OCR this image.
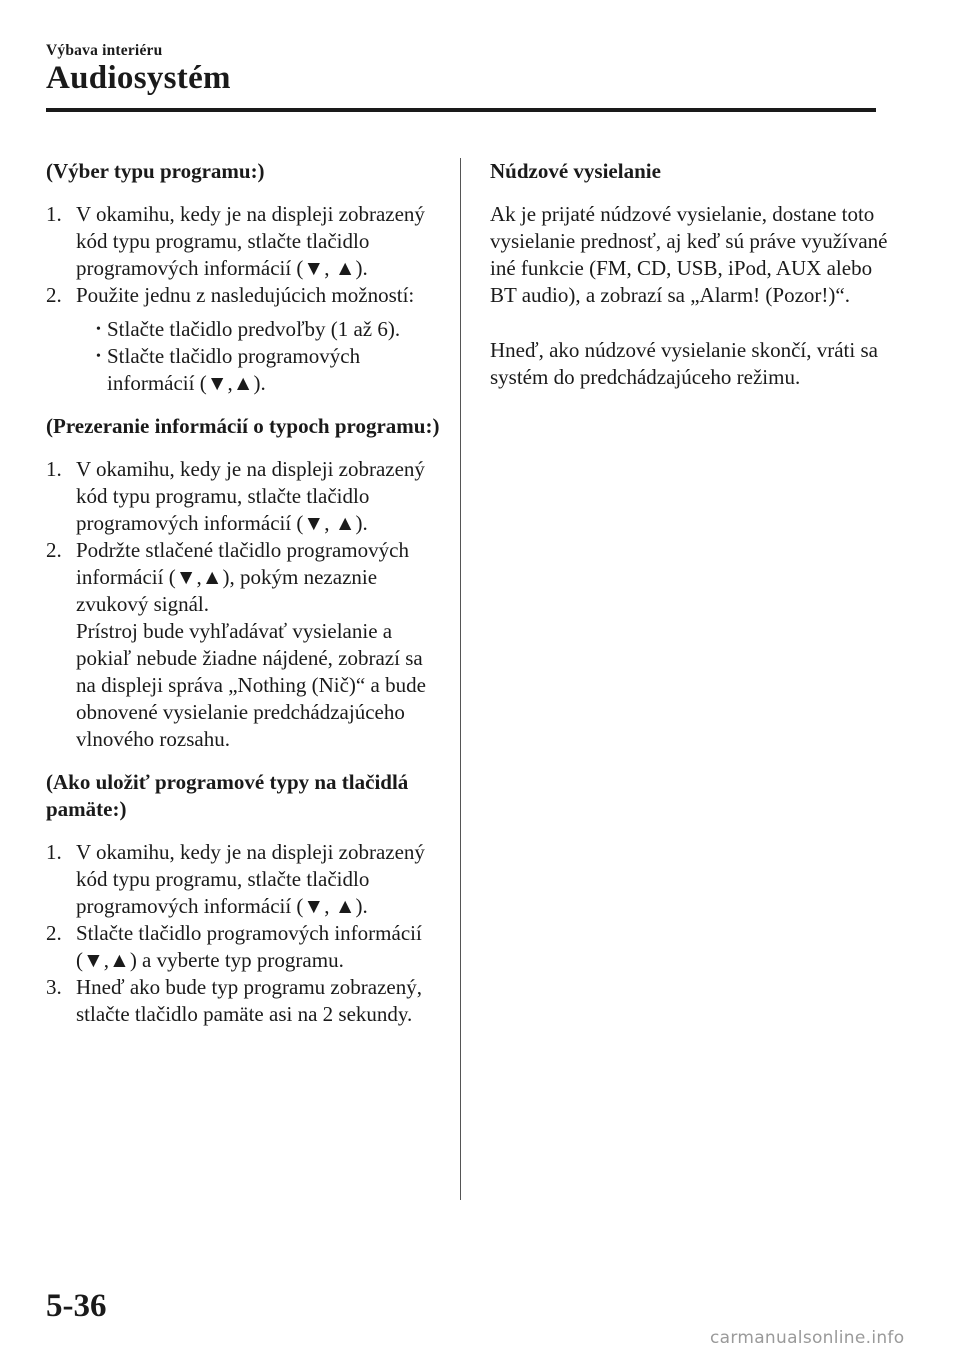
Výbava interiéru
Audiosystém
(Výber typu programu:)
1. V okamihu, kedy je na displeji zobrazený kód typu programu, stlačte tlačidlo programových informácií (▼, ▲).
2. Použite jednu z nasledujúcich možností:
• Stlačte tlačidlo predvoľby (1 až 6).
• Stlačte tlačidlo programových informácií (▼,▲).
(Prezeranie informácií o typoch programu:)
1. V okamihu, kedy je na displeji zobrazený kód typu programu, stlačte tlačidlo programových informácií (▼, ▲).
2. Podržte stlačené tlačidlo programových informácií (▼,▲), pokým nezaznie zvukový signál.
Prístroj bude vyhľadávať vysielanie a pokiaľ nebude žiadne nájdené, zobrazí sa na displeji správa „Nothing (Nič)“ a bude obnovené vysielanie predchádzajúceho vlnového rozsahu.
(Ako uložiť programové typy na tlačidlá pamäte:)
1. V okamihu, kedy je na displeji zobrazený kód typu programu, stlačte tlačidlo programových informácií (▼, ▲).
2. Stlačte tlačidlo programových informácií (▼,▲) a vyberte typ programu.
3. Hneď ako bude typ programu zobrazený, stlačte tlačidlo pamäte asi na 2 sekundy.
Núdzové vysielanie

Ak je prijaté núdzové vysielanie, dostane toto vysielanie prednosť, aj keď sú práve využívané iné funkcie (FM, CD, USB, iPod, AUX alebo BT audio), a zobrazí sa „Alarm! (Pozor!)“.

Hneď, ako núdzové vysielanie skončí, vráti sa systém do predchádzajúceho režimu.

5-36
carmanualsonline.info
